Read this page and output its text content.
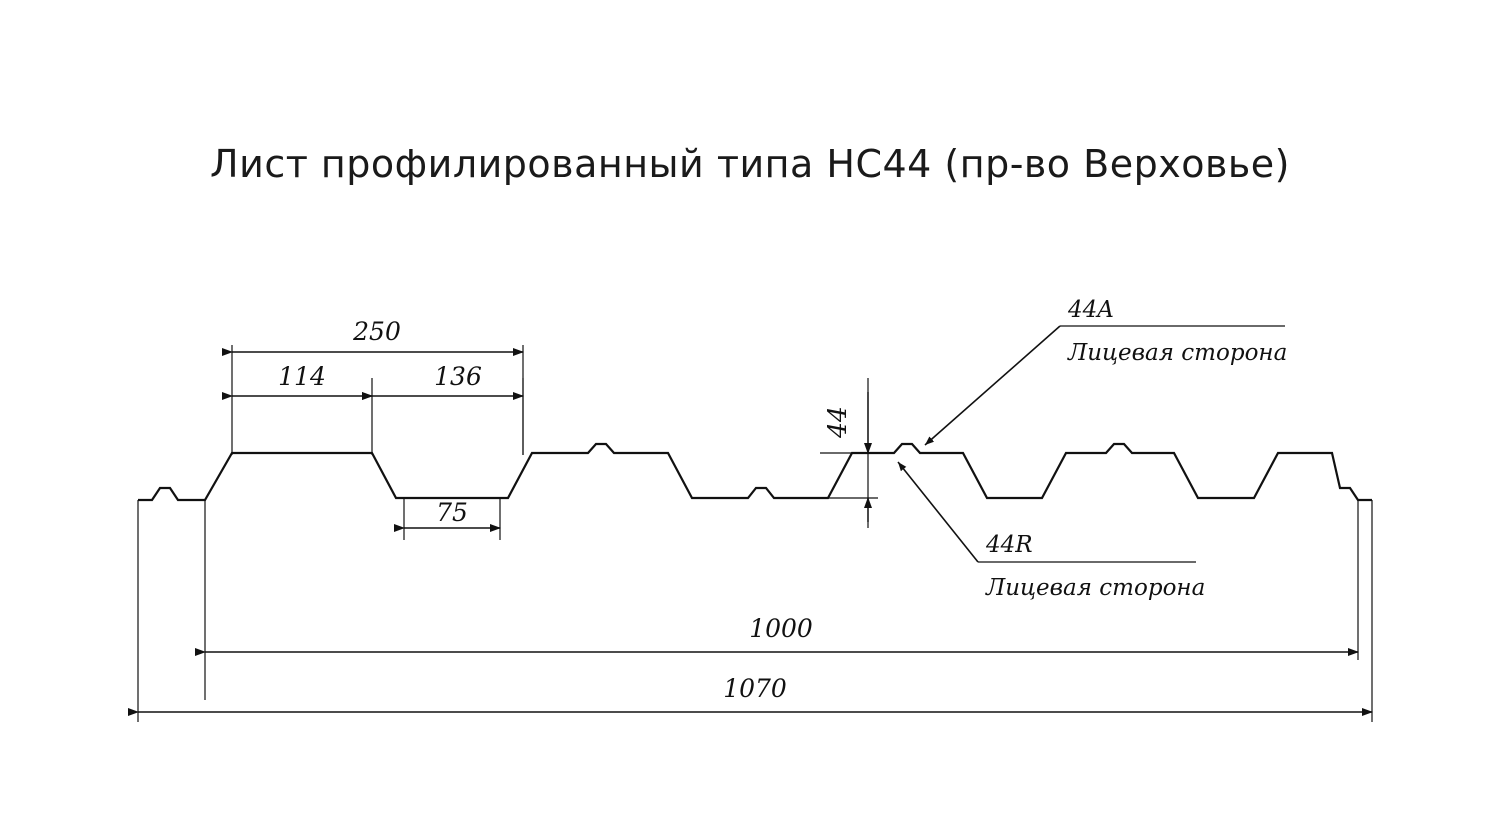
Лист профилированный типа НС44 (пр-во Верховье)
250
114	136
75
44
1000
1070
44A
Лицевая сторона
44R
Лицевая сторона
